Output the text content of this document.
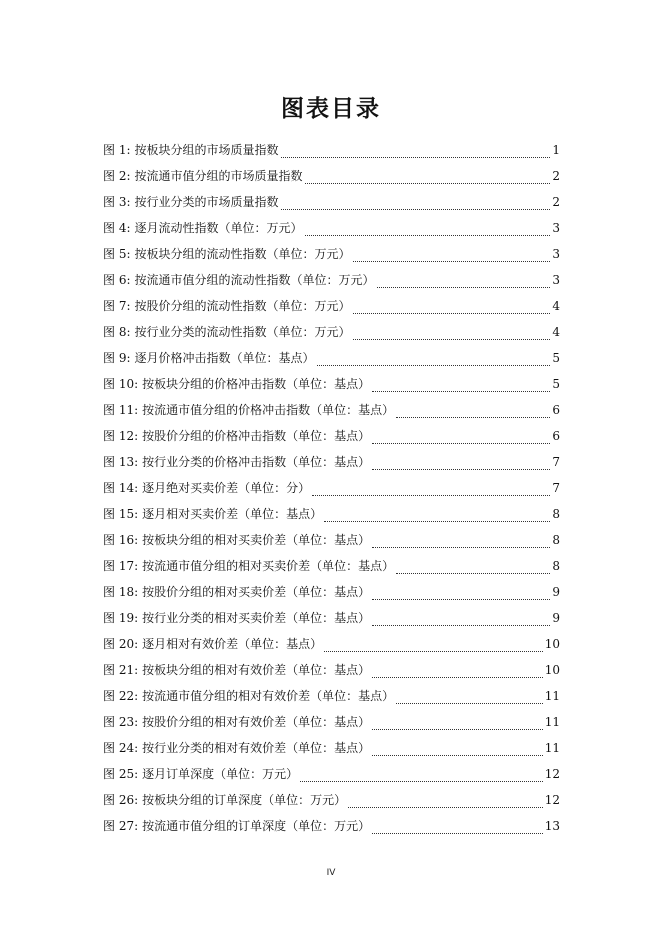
图表目录
图 1: 按板块分组的市场质量指数	1
图 2: 按流通市值分组的市场质量指数	2
图 3: 按行业分类的市场质量指数	2
图 4: 逐月流动性指数（单位：万元）	3
图 5: 按板块分组的流动性指数（单位：万元）	3
图 6: 按流通市值分组的流动性指数（单位：万元）	3
图 7: 按股价分组的流动性指数（单位：万元）	4
图 8: 按行业分类的流动性指数（单位：万元）	4
图 9: 逐月价格冲击指数（单位：基点）	5
图 10: 按板块分组的价格冲击指数（单位：基点）	5
图 11: 按流通市值分组的价格冲击指数（单位：基点）	6
图 12: 按股价分组的价格冲击指数（单位：基点）	6
图 13: 按行业分类的价格冲击指数（单位：基点）	7
图 14: 逐月绝对买卖价差（单位：分）	7
图 15: 逐月相对买卖价差（单位：基点）	8
图 16: 按板块分组的相对买卖价差（单位：基点）	8
图 17: 按流通市值分组的相对买卖价差（单位：基点）	8
图 18: 按股价分组的相对买卖价差（单位：基点）	9
图 19: 按行业分类的相对买卖价差（单位：基点）	9
图 20: 逐月相对有效价差（单位：基点）	10
图 21: 按板块分组的相对有效价差（单位：基点）	10
图 22: 按流通市值分组的相对有效价差（单位：基点）	11
图 23: 按股价分组的相对有效价差（单位：基点）	11
图 24: 按行业分类的相对有效价差（单位：基点）	11
图 25: 逐月订单深度（单位：万元）	12
图 26: 按板块分组的订单深度（单位：万元）	12
图 27: 按流通市值分组的订单深度（单位：万元）	13
IV
